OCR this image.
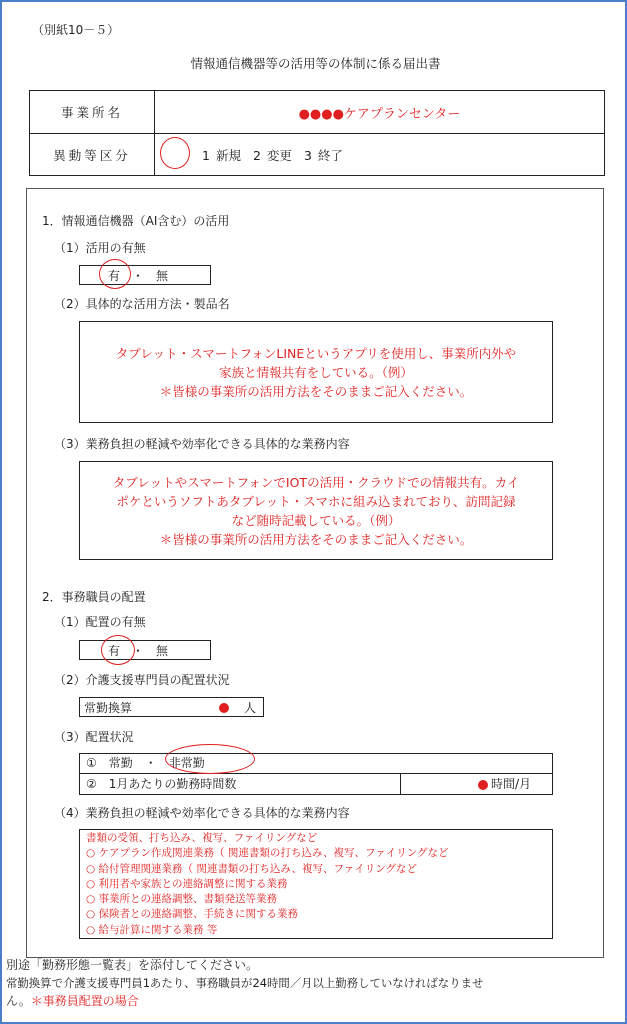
（別紙10－５）
情報通信機器等の活用等の体制に係る届出書
事業所名	●●●●ケアプランセンター
異動等区分	1 新規 2 変更 3 終了
1．情報通信機器（AI含む）の活用
（1）活用の有無
有　・　無
（2）具体的な活用方法・製品名
タブレット・スマートフォンLINEというアプリを使用し、事業所内外や
家族と情報共有をしている。（例）
＊皆様の事業所の活用方法をそのままご記入ください。
（3）業務負担の軽減や効率化できる具体的な業務内容
タブレットやスマートフォンでIOTの活用・クラウドでの情報共有。カイ
ポケというソフトあタブレット・スマホに組み込まれており、訪問記録
など随時記載している。（例）
＊皆様の事業所の活用方法をそのままご記入ください。
2．事務職員の配置
（1）配置の有無
有　・　無
（2）介護支援専門員の配置状況
常勤換算	人
（3）配置状況
①　常勤　・　非常勤
②　1月あたりの勤務時間数	時間/月
（4）業務負担の軽減や効率化できる具体的な業務内容
書類の受領、打ち込み、複写、ファイリングなど
○ ケアプラン作成関連業務（ 関連書類の打ち込み、複写、ファイリングなど
○ 給付管理関連業務（ 関連書類の打ち込み、複写、ファイリングなど
○ 利用者や家族との連絡調整に関する業務
○ 事業所との連絡調整、書類発送等業務
○ 保険者との連絡調整、手続きに関する業務
○ 給与計算に関する業務 等
別途「勤務形態一覧表」を添付してください。
常勤換算で介護支援専門員1あたり、事務職員が24時間／月以上勤務していなければなりませ
ん。＊事務員配置の場合
